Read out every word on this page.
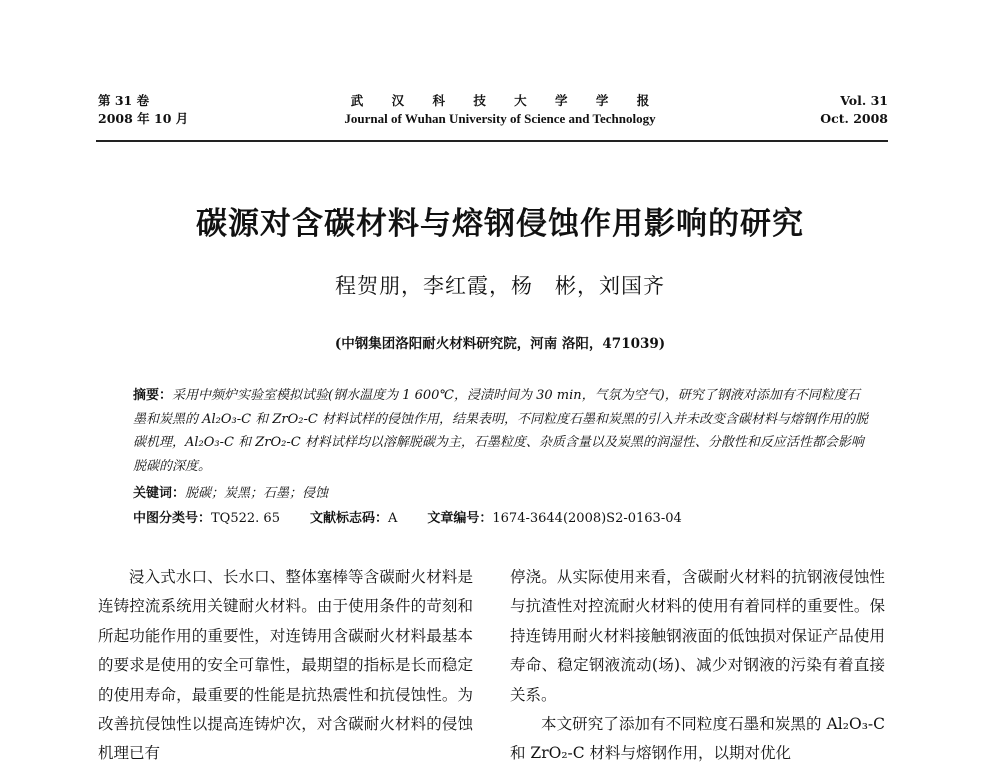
第 31 卷
2008 年 10 月
武 汉 科 技 大 学 学 报
Journal of Wuhan University of Science and Technology
Vol. 31
Oct. 2008
碳源对含碳材料与熔钢侵蚀作用影响的研究
程贺朋，李红霞，杨　彬，刘国齐
(中钢集团洛阳耐火材料研究院，河南 洛阳，471039)
摘要：采用中频炉实验室模拟试验(钢水温度为 1 600℃，浸渍时间为 30 min，气氛为空气)，研究了钢液对添加有不同粒度石墨和炭黑的 Al₂O₃-C 和 ZrO₂-C 材料试样的侵蚀作用，结果表明，不同粒度石墨和炭黑的引入并未改变含碳材料与熔钢作用的脱碳机理，Al₂O₃-C 和 ZrO₂-C 材料试样均以溶解脱碳为主，石墨粒度、杂质含量以及炭黑的润湿性、分散性和反应活性都会影响脱碳的深度。
关键词：脱碳；炭黑；石墨；侵蚀
中图分类号：TQ522. 65 文献标志码：A 文章编号：1674-3644(2008)S2-0163-04

浸入式水口、长水口、整体塞棒等含碳耐火材料是连铸控流系统用关键耐火材料。由于使用条件的苛刻和所起功能作用的重要性，对连铸用含碳耐火材料最基本的要求是使用的安全可靠性，最期望的指标是长而稳定的使用寿命，最重要的性能是抗热震性和抗侵蚀性。为改善抗侵蚀性以提高连铸炉次，对含碳耐火材料的侵蚀机理已有

停浇。从实际使用来看，含碳耐火材料的抗钢液侵蚀性与抗渣性对控流耐火材料的使用有着同样的重要性。保持连铸用耐火材料接触钢液面的低蚀损对保证产品使用寿命、稳定钢液流动(场)、减少对钢液的污染有着直接关系。

本文研究了添加有不同粒度石墨和炭黑的 Al₂O₃-C 和 ZrO₂-C 材料与熔钢作用，以期对优化
